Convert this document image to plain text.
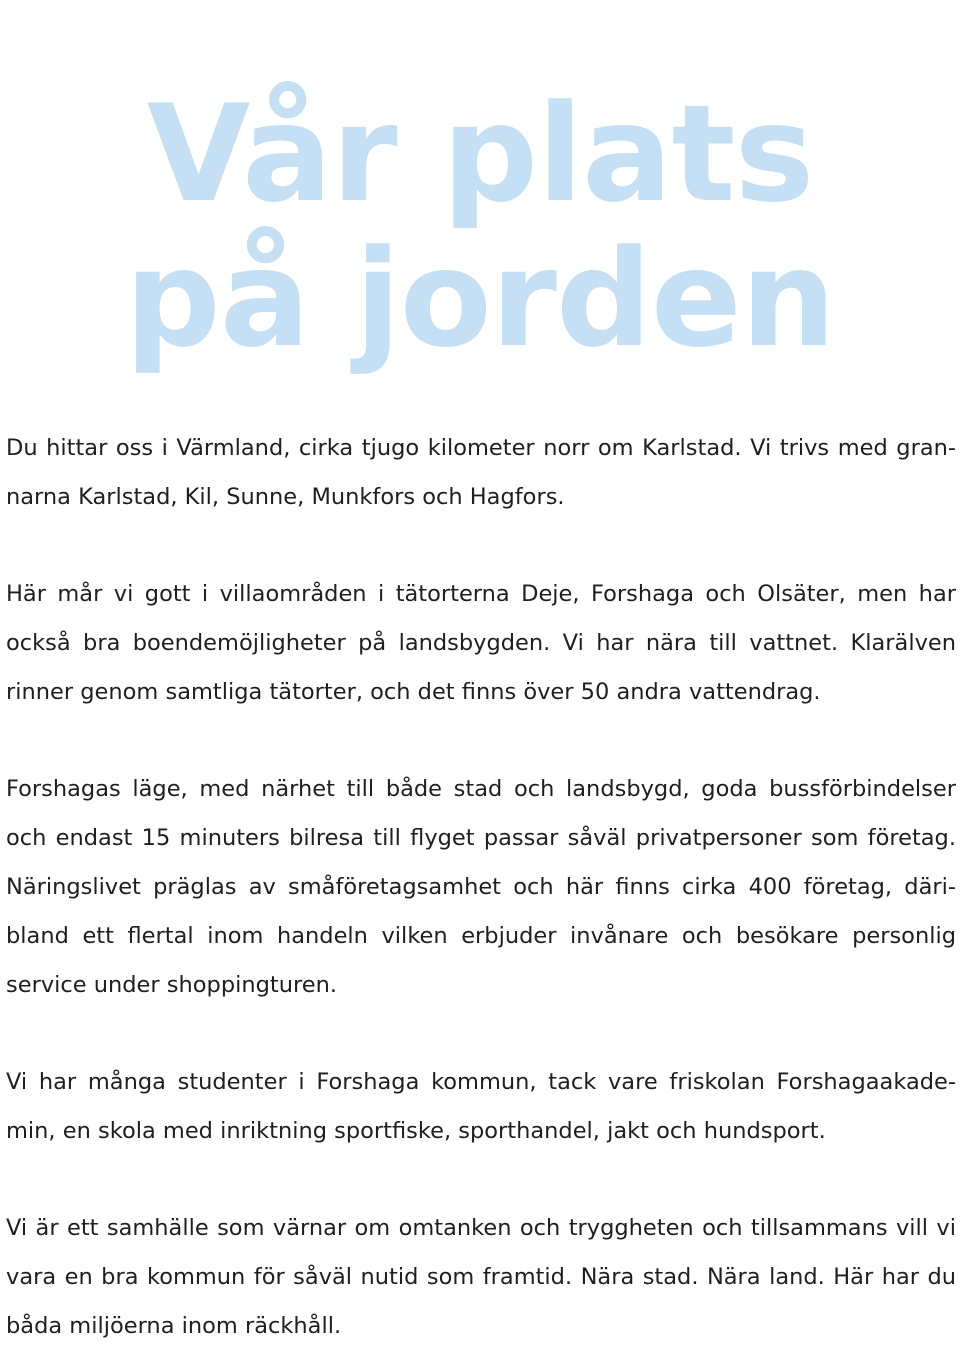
Vår plats
på jorden

Du hittar oss i Värmland, cirka tjugo kilometer norr om Karlstad. Vi trivs med gran-
narna Karlstad, Kil, Sunne, Munkfors och Hagfors.

Här mår vi gott i villaområden i tätorterna Deje, Forshaga och Olsäter, men har
också bra boendemöjligheter på landsbygden. Vi har nära till vattnet. Klarälven
rinner genom samtliga tätorter, och det finns över 50 andra vattendrag.

Forshagas läge, med närhet till både stad och landsbygd, goda bussförbindelser
och endast 15 minuters bilresa till flyget passar såväl privatpersoner som företag.
Näringslivet präglas av småföretagsamhet och här finns cirka 400 företag, däri-
bland ett flertal inom handeln vilken erbjuder invånare och besökare personlig
service under shoppingturen.

Vi har många studenter i Forshaga kommun, tack vare friskolan Forshagaakade-
min, en skola med inriktning sportfiske, sporthandel, jakt och hundsport.

Vi är ett samhälle som värnar om omtanken och tryggheten och tillsammans vill vi
vara en bra kommun för såväl nutid som framtid. Nära stad. Nära land. Här har du
båda miljöerna inom räckhåll.
